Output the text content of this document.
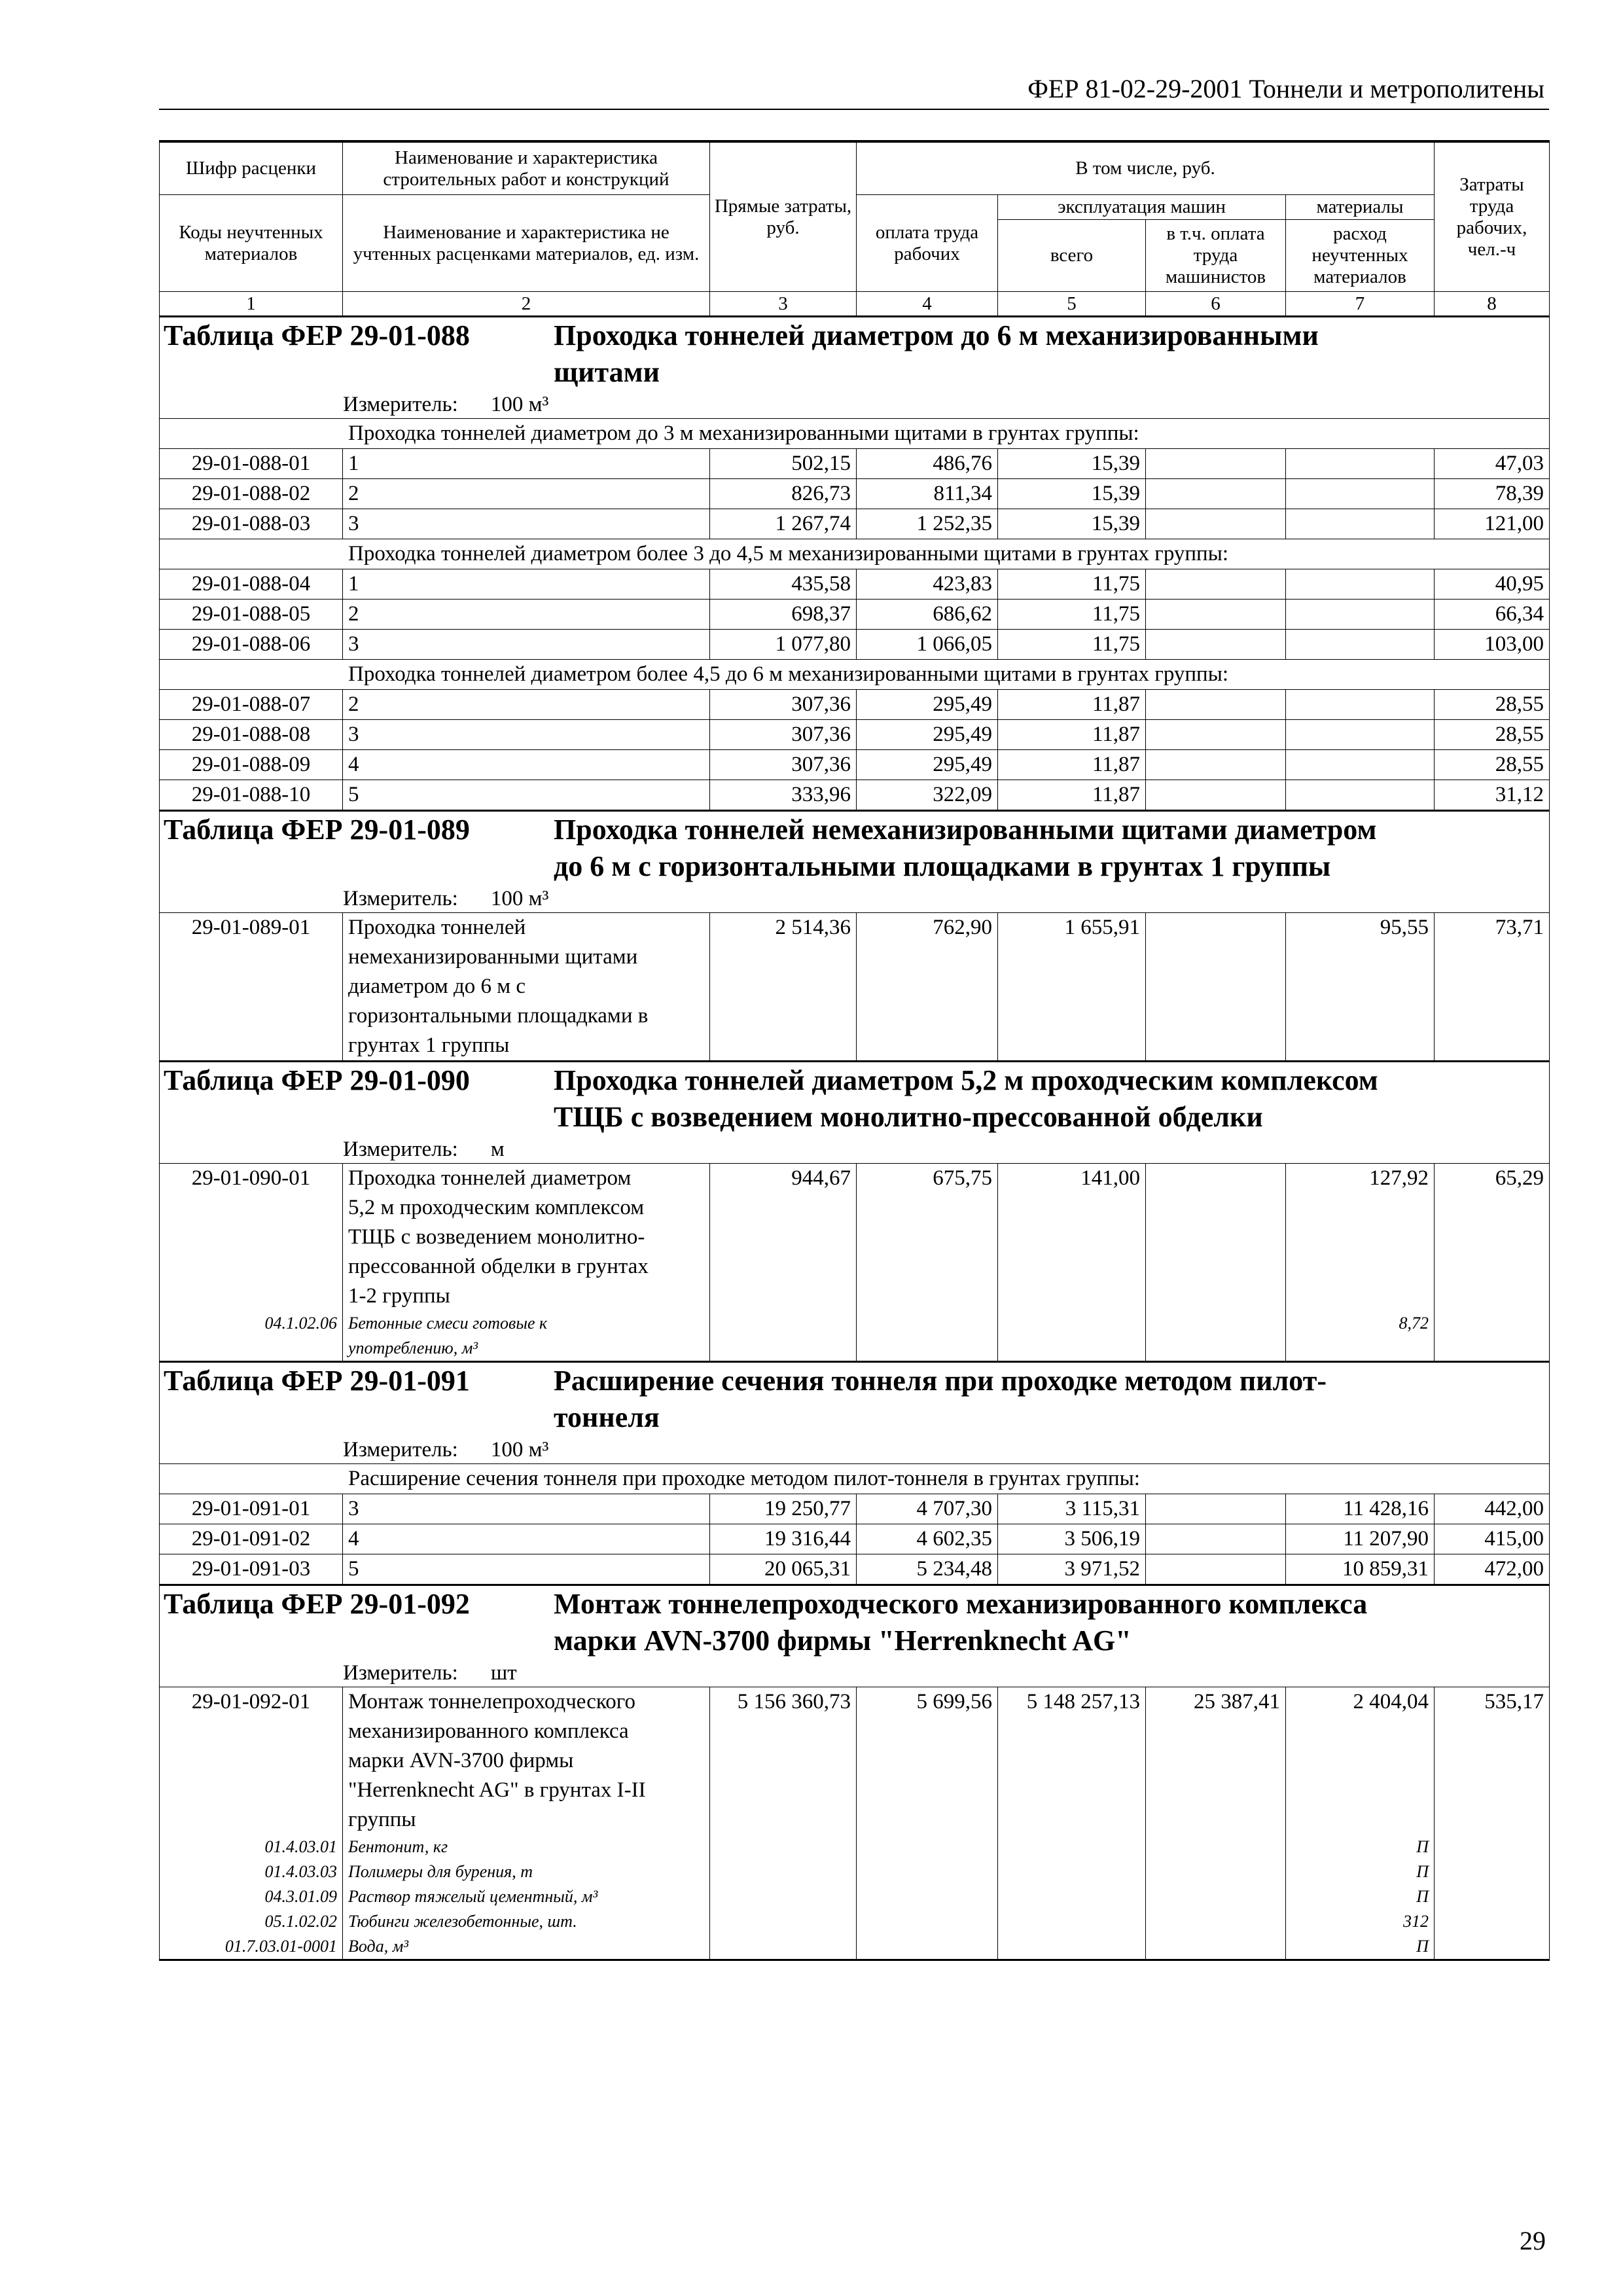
ФЕР 81-02-29-2001 Тоннели и метрополитены
Шифр расценки	Наименование и характеристика строительных работ и конструкций	Прямые затраты, руб.	В том числе, руб.				Затраты труда рабочих, чел.-ч
Коды неучтенных материалов	Наименование и характеристика не учтенных расценками материалов, ед. изм.		оплата труда рабочих	эксплуатация машин		материалы	
				всего	в т.ч. оплата труда машинистов	расход неучтенных материалов	
1	2	3	4	5	6	7	8

Таблица ФЕР 29-01-088 Проходка тоннелей диаметром до 6 м механизированными
щитами
Измеритель: 100 м³							

Проходка тоннелей диаметром до 3 м механизированными щитами в грунтах группы:							
29-01-088-01	1	502,15	486,76	15,39			47,03
29-01-088-02	2	826,73	811,34	15,39			78,39
29-01-088-03	3	1 267,74	1 252,35	15,39			121,00
Проходка тоннелей диаметром более 3 до 4,5 м механизированными щитами в грунтах группы:							
29-01-088-04	1	435,58	423,83	11,75			40,95
29-01-088-05	2	698,37	686,62	11,75			66,34
29-01-088-06	3	1 077,80	1 066,05	11,75			103,00
Проходка тоннелей диаметром более 4,5 до 6 м механизированными щитами в грунтах группы:							
29-01-088-07	2	307,36	295,49	11,87			28,55
29-01-088-08	3	307,36	295,49	11,87			28,55
29-01-088-09	4	307,36	295,49	11,87			28,55
29-01-088-10	5	333,96	322,09	11,87			31,12

Таблица ФЕР 29-01-089 Проходка тоннелей немеханизированными щитами диаметром
до 6 м с горизонтальными площадками в грунтах 1 группы
Измеритель: 100 м³							

29-01-089-01	Проходка тоннелей
немеханизированными щитами
диаметром до 6 м с
горизонтальными площадками в
грунтах 1 группы	2 514,36	762,90	1 655,91		95,55	73,71

Таблица ФЕР 29-01-090 Проходка тоннелей диаметром 5,2 м проходческим комплексом
ТЩБ с возведением монолитно-прессованной обделки
Измеритель: м							

29-01-090-01	Проходка тоннелей диаметром
5,2 м проходческим комплексом
ТЩБ с возведением монолитно-
прессованной обделки в грунтах
1-2 группы	944,67	675,75	141,00		127,92	65,29
04.1.02.06	Бетонные смеси готовые к
употреблению, м³					8,72	

Таблица ФЕР 29-01-091 Расширение сечения тоннеля при проходке методом пилот-
тоннеля
Измеритель: 100 м³							

Расширение сечения тоннеля при проходке методом пилот-тоннеля в грунтах группы:							
29-01-091-01	3	19 250,77	4 707,30	3 115,31		11 428,16	442,00
29-01-091-02	4	19 316,44	4 602,35	3 506,19		11 207,90	415,00
29-01-091-03	5	20 065,31	5 234,48	3 971,52		10 859,31	472,00

Таблица ФЕР 29-01-092 Монтаж тоннелепроходческого механизированного комплекса
марки AVN-3700 фирмы "Herrenknecht AG"
Измеритель: шт							

29-01-092-01	Монтаж тоннелепроходческого
механизированного комплекса
марки AVN-3700 фирмы
"Herrenknecht AG" в грунтах I-II
группы	5 156 360,73	5 699,56	5 148 257,13	25 387,41	2 404,04	535,17
01.4.03.01	Бентонит, кг					П	
01.4.03.03	Полимеры для бурения, т					П	
04.3.01.09	Раствор тяжелый цементный, м³					П	
05.1.02.02	Тюбинги железобетонные, шт.					312	
01.7.03.01-0001	Вода, м³					П	
29
